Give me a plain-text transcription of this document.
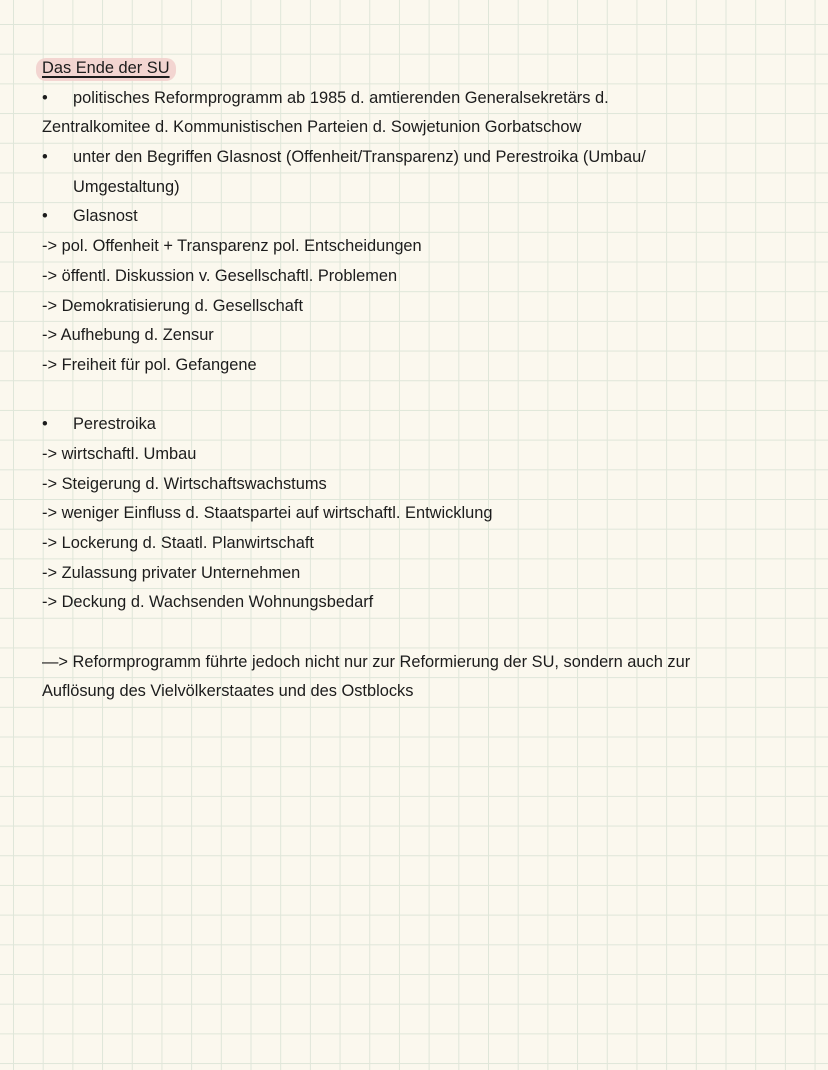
Das Ende der SU
• politisches Reformprogramm ab 1985 d. amtierenden Generalsekretärs d.
Zentralkomitee d. Kommunistischen Parteien d. Sowjetunion Gorbatschow
• unter den Begriffen Glasnost (Offenheit/Transparenz) und Perestroika (Umbau/
Umgestaltung)
• Glasnost
-> pol. Offenheit + Transparenz pol. Entscheidungen
-> öffentl. Diskussion v. Gesellschaftl. Problemen
-> Demokratisierung d. Gesellschaft
-> Aufhebung d. Zensur
-> Freiheit für pol. Gefangene
• Perestroika
-> wirtschaftl. Umbau
-> Steigerung d. Wirtschaftswachstums
-> weniger Einfluss d. Staatspartei auf wirtschaftl. Entwicklung
-> Lockerung d. Staatl. Planwirtschaft
-> Zulassung privater Unternehmen
-> Deckung d. Wachsenden Wohnungsbedarf
—> Reformprogramm führte jedoch nicht nur zur Reformierung der SU, sondern auch zur
Auflösung des Vielvölkerstaates und des Ostblocks
